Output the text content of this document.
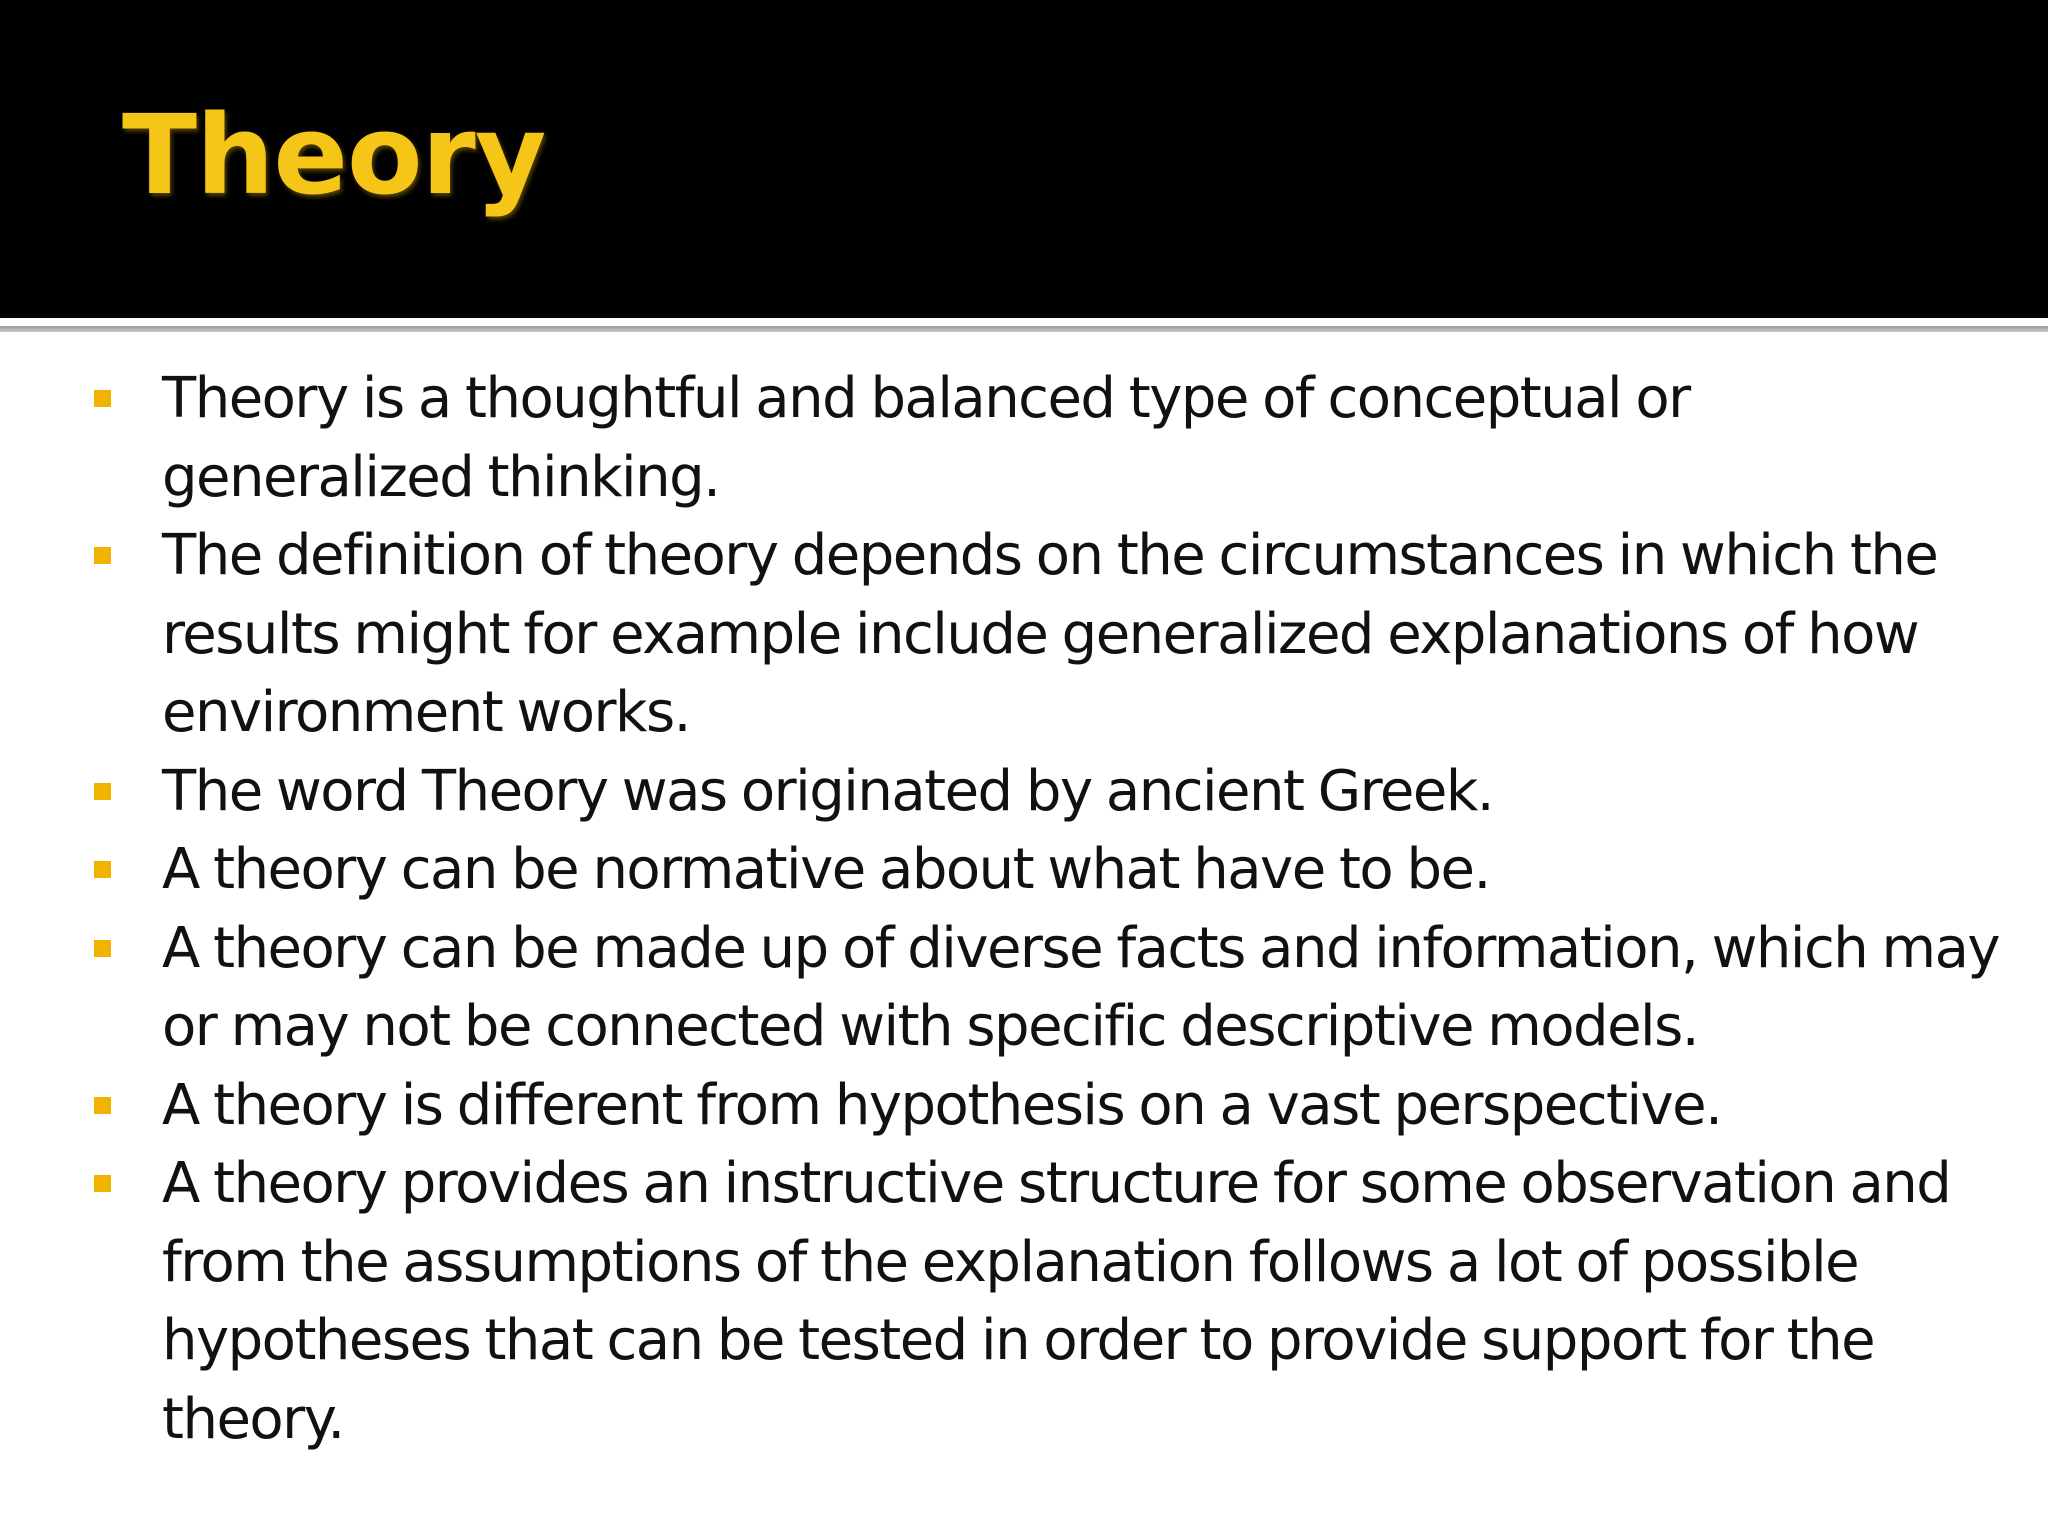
Theory
Theory is a thoughtful and balanced type of conceptual or generalized thinking.
The definition of theory depends on the circumstances in which the results might for example include generalized explanations of how environment works.
The word Theory was originated by ancient Greek.
A theory can be normative about what have to be.
A theory can be made up of diverse facts and information, which may or may not be connected with specific descriptive models.
A theory is different from hypothesis on a vast perspective.
A theory provides an instructive structure for some observation and from the assumptions of the explanation follows a lot of possible hypotheses that can be tested in order to provide support for the theory.
